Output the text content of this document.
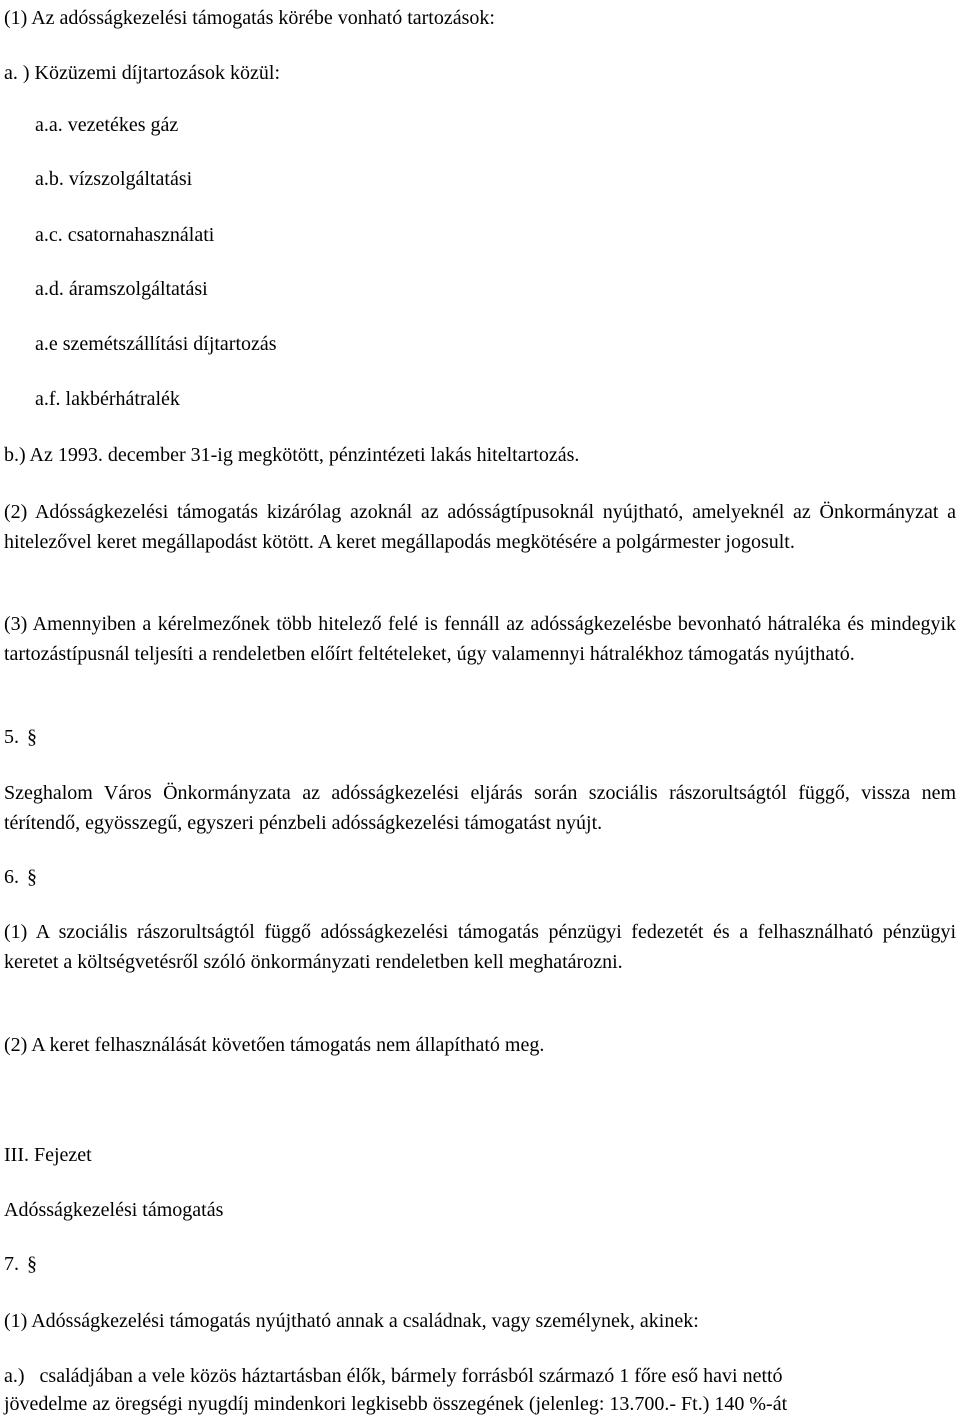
(1) Az adósságkezelési támogatás körébe vonható tartozások:
a. ) Közüzemi díjtartozások közül:
a.a. vezetékes gáz
a.b. vízszolgáltatási
a.c. csatornahasználati
a.d. áramszolgáltatási
a.e szemétszállítási díjtartozás
a.f. lakbérhátralék
b.) Az 1993. december 31-ig megkötött, pénzintézeti lakás hiteltartozás.
(2) Adósságkezelési támogatás kizárólag azoknál az adósságtípusoknál nyújtható, amelyeknél az Önkormányzat a hitelezővel keret megállapodást kötött. A keret megállapodás megkötésére a polgármester jogosult.
(3) Amennyiben a kérelmezőnek több hitelező felé is fennáll az adósságkezelésbe bevonható hátraléka és mindegyik tartozástípusnál teljesíti a rendeletben előírt feltételeket, úgy valamennyi hátralékhoz támogatás nyújtható.
5. §
Szeghalom Város Önkormányzata az adósságkezelési eljárás során szociális rászorultságtól függő, vissza nem térítendő, egyösszegű, egyszeri pénzbeli adósságkezelési támogatást nyújt.
6. §
(1) A szociális rászorultságtól függő adósságkezelési támogatás pénzügyi fedezetét és a felhasználható pénzügyi keretet a költségvetésről szóló önkormányzati rendeletben kell meghatározni.
(2) A keret felhasználását követően támogatás nem állapítható meg.
III. Fejezet
Adósságkezelési támogatás
7. §
(1) Adósságkezelési támogatás nyújtható annak a családnak, vagy személynek, akinek:
a.)   családjában a vele közös háztartásban élők, bármely forrásból származó 1 főre eső havi nettó
jövedelme az öregségi nyugdíj mindenkori legkisebb összegének (jelenleg: 13.700.- Ft.) 140 %-át
